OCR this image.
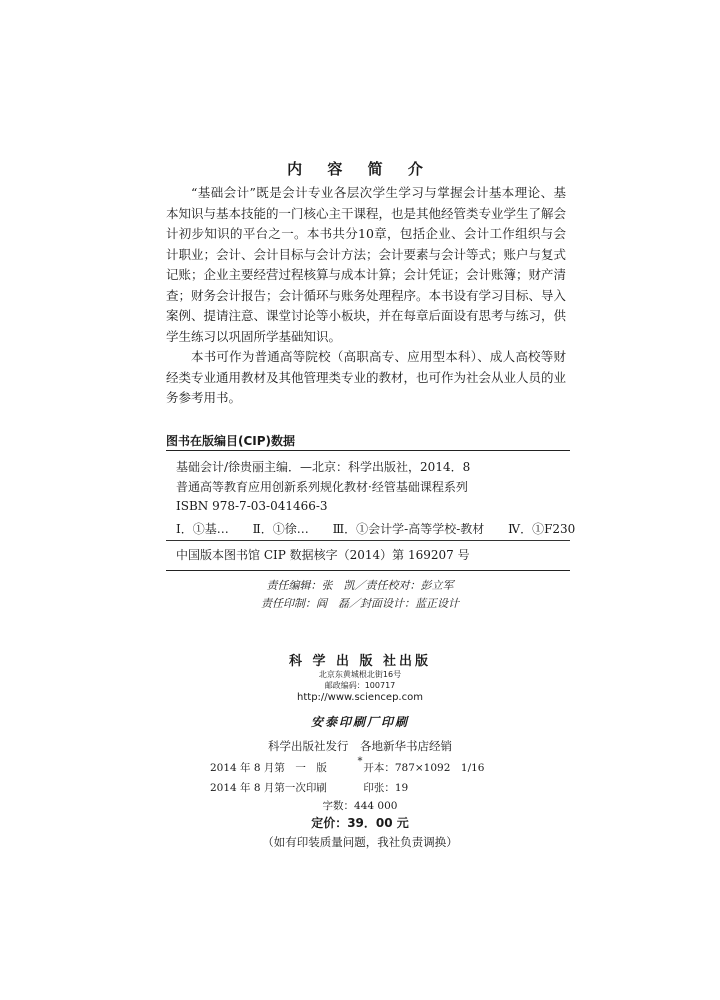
内 容 简 介

“基础会计”既是会计专业各层次学生学习与掌握会计基本理论、基本知识与基本技能的一门核心主干课程，也是其他经管类专业学生了解会计初步知识的平台之一。本书共分10章，包括企业、会计工作组织与会计职业；会计、会计目标与会计方法；会计要素与会计等式；账户与复式记账；企业主要经营过程核算与成本计算；会计凭证；会计账簿；财产清查；财务会计报告；会计循环与账务处理程序。本书设有学习目标、导入案例、提请注意、课堂讨论等小板块，并在每章后面设有思考与练习，供学生练习以巩固所学基础知识。

本书可作为普通高等院校（高职高专、应用型本科）、成人高校等财经类专业通用教材及其他管理类专业的教材，也可作为社会从业人员的业务参考用书。

图书在版编目(CIP)数据
基础会计/徐贵丽主编．—北京：科学出版社，2014．8
普通高等教育应用创新系列规化教材·经管基础课程系列
ISBN 978-7-03-041466-3
Ⅰ．①基… Ⅱ．①徐… Ⅲ．①会计学-高等学校-教材 Ⅳ．①F230
中国版本图书馆 CIP 数据核字（2014）第 169207 号
责任编辑：张　凯／责任校对：彭立军
责任印制：阎　磊／封面设计：蓝正设计
科 学 出 版 社出版
北京东黄城根北街16号
邮政编码：100717
http://www.sciencep.com
安泰印刷厂印刷
科学出版社发行　各地新华书店经销
*
2014 年 8 月第　一　版	开本：787×1092　1/16
2014 年 8 月第一次印刷	印张：19
字数：444 000
定价：39．00 元
（如有印装质量问题，我社负责调换）
